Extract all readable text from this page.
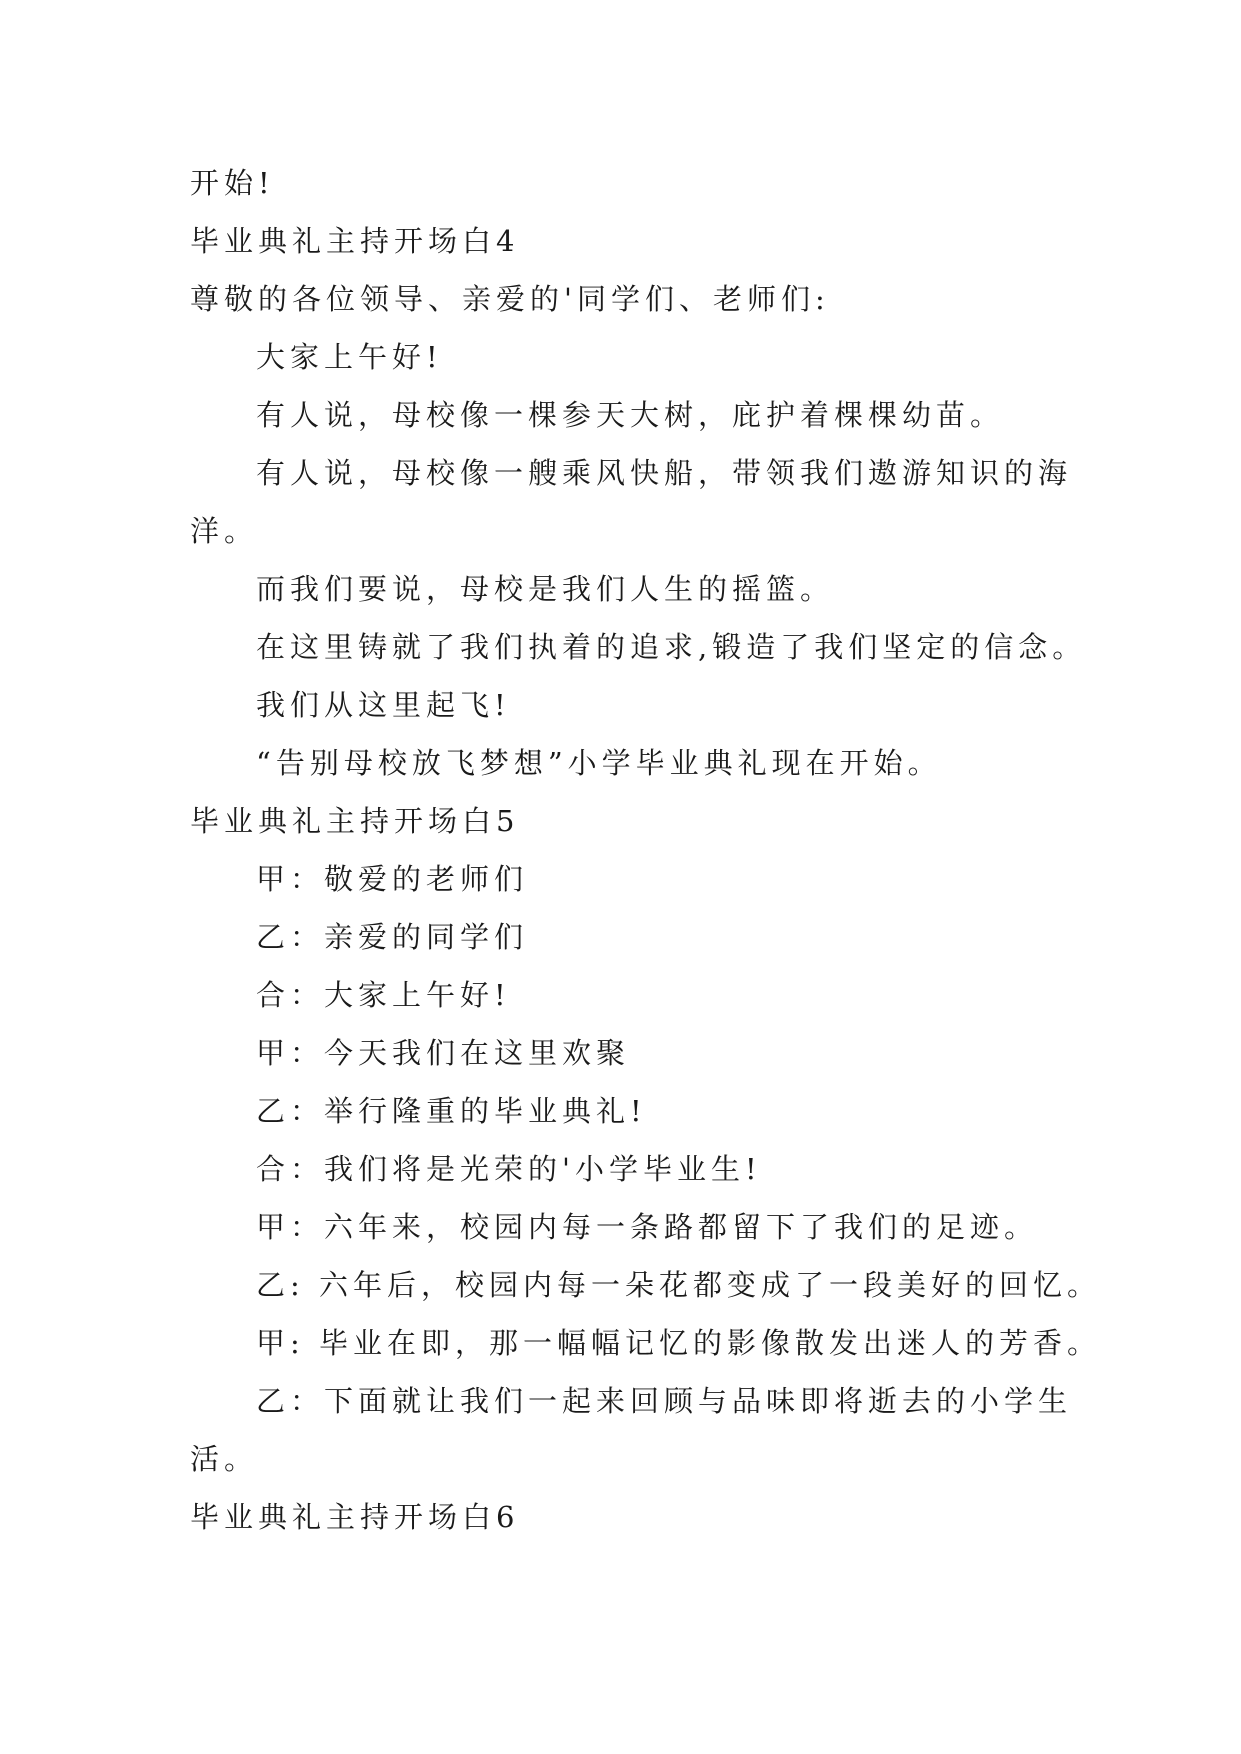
开始!

毕业典礼主持开场白4

尊敬的各位领导、亲爱的'同学们、老师们:

大家上午好!

有人说，母校像一棵参天大树，庇护着棵棵幼苗。

有人说，母校像一艘乘风快船，带领我们遨游知识的海

洋。

而我们要说，母校是我们人生的摇篮。

在这里铸就了我们执着的追求,锻造了我们坚定的信念。

我们从这里起飞!

“告别母校放飞梦想”小学毕业典礼现在开始。

毕业典礼主持开场白5

甲：敬爱的老师们

乙：亲爱的同学们

合：大家上午好!

甲：今天我们在这里欢聚

乙：举行隆重的毕业典礼!

合：我们将是光荣的'小学毕业生!

甲：六年来，校园内每一条路都留下了我们的足迹。

乙: 六年后，校园内每一朵花都变成了一段美好的回忆。

甲: 毕业在即，那一幅幅记忆的影像散发出迷人的芳香。

乙：下面就让我们一起来回顾与品味即将逝去的小学生

活。

毕业典礼主持开场白6
